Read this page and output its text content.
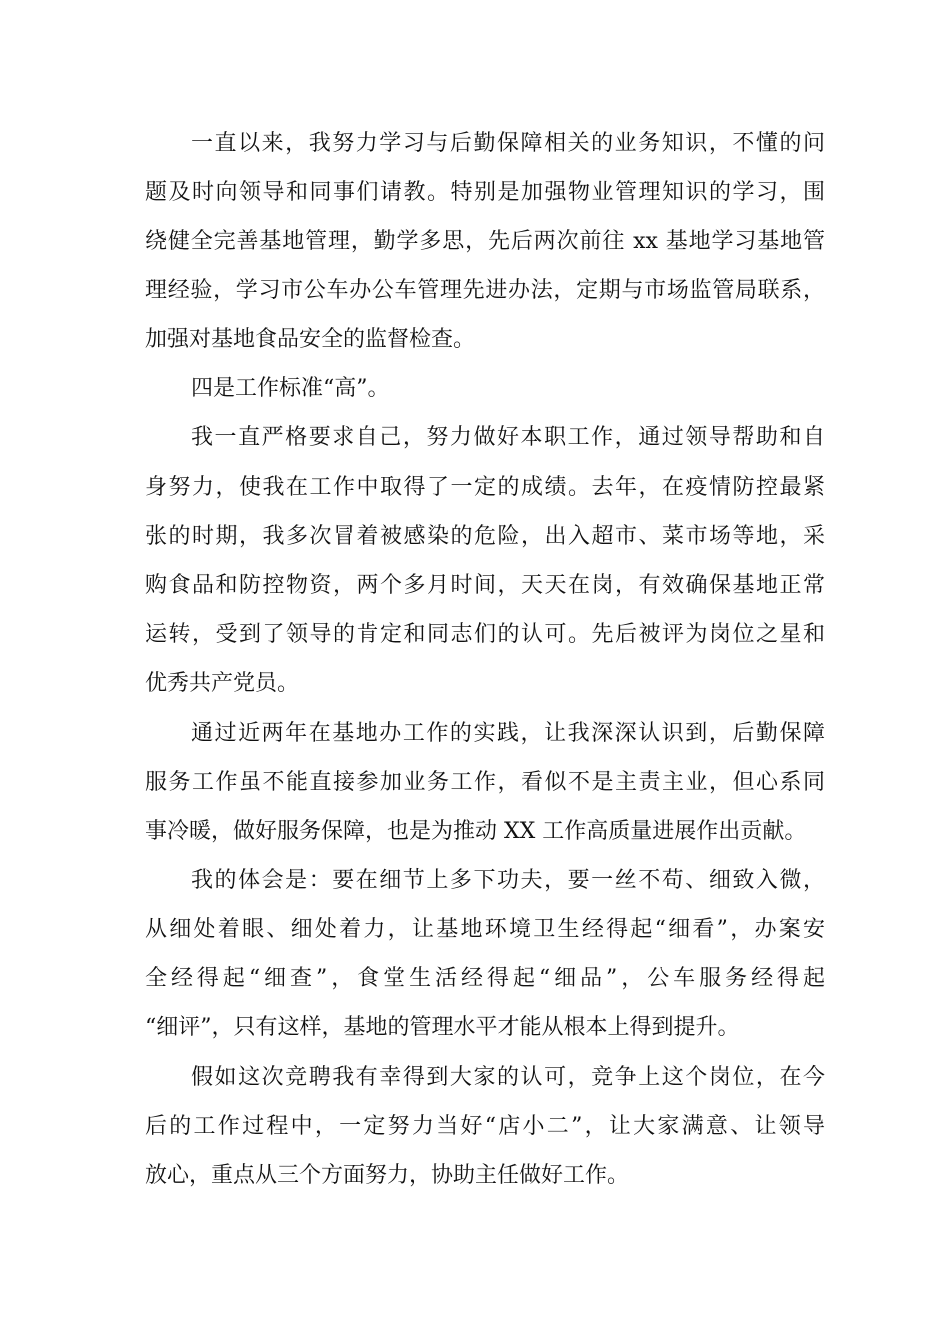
一直以来，我努力学习与后勤保障相关的业务知识，不懂的问
题及时向领导和同事们请教。特别是加强物业管理知识的学习，围
绕健全完善基地管理，勤学多思，先后两次前往 xx 基地学习基地管
理经验，学习市公车办公车管理先进办法，定期与市场监管局联系，
加强对基地食品安全的监督检查。
四是工作标准“高”。
我一直严格要求自己，努力做好本职工作，通过领导帮助和自
身努力，使我在工作中取得了一定的成绩。去年，在疫情防控最紧
张的时期，我多次冒着被感染的危险，出入超市、菜市场等地，采
购食品和防控物资，两个多月时间，天天在岗，有效确保基地正常
运转，受到了领导的肯定和同志们的认可。先后被评为岗位之星和
优秀共产党员。
通过近两年在基地办工作的实践，让我深深认识到，后勤保障
服务工作虽不能直接参加业务工作，看似不是主责主业，但心系同
事冷暖，做好服务保障，也是为推动 XX 工作高质量进展作出贡献。
我的体会是：要在细节上多下功夫，要一丝不苟、细致入微，
从细处着眼、细处着力，让基地环境卫生经得起“细看”，办案安
全经得起“细查”，食堂生活经得起“细品”，公车服务经得起
“细评”，只有这样，基地的管理水平才能从根本上得到提升。
假如这次竞聘我有幸得到大家的认可，竞争上这个岗位，在今
后的工作过程中，一定努力当好“店小二”，让大家满意、让领导
放心，重点从三个方面努力，协助主任做好工作。
